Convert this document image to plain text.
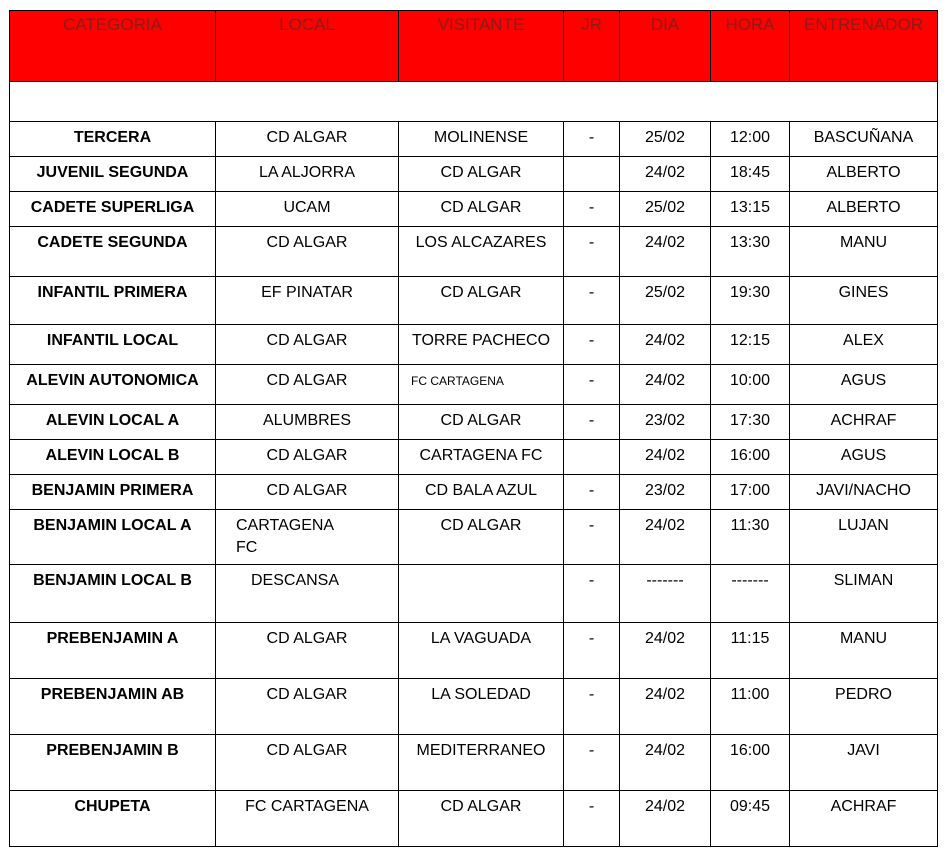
CATEGORIA	LOCAL	VISITANTE	JR	DIA	HORA	ENTRENADOR

TERCERA	CD ALGAR	MOLINENSE	-	25/02	12:00	BASCUÑANA
JUVENIL SEGUNDA	LA ALJORRA	CD ALGAR		24/02	18:45	ALBERTO
CADETE SUPERLIGA	UCAM	CD ALGAR	-	25/02	13:15	ALBERTO
CADETE SEGUNDA	CD ALGAR	LOS ALCAZARES	-	24/02	13:30	MANU
INFANTIL PRIMERA	EF PINATAR	CD ALGAR	-	25/02	19:30	GINES
INFANTIL LOCAL	CD ALGAR	TORRE PACHECO	-	24/02	12:15	ALEX
ALEVIN AUTONOMICA	CD ALGAR	FC CARTAGENA	-	24/02	10:00	AGUS
ALEVIN LOCAL A	ALUMBRES	CD ALGAR	-	23/02	17:30	ACHRAF
ALEVIN LOCAL B	CD ALGAR	CARTAGENA FC		24/02	16:00	AGUS
BENJAMIN PRIMERA	CD ALGAR	CD BALA AZUL	-	23/02	17:00	JAVI/NACHO
BENJAMIN LOCAL A	CARTAGENA FC	CD ALGAR	-	24/02	11:30	LUJAN
BENJAMIN LOCAL B	DESCANSA		-	-------	-------	SLIMAN
PREBENJAMIN A	CD ALGAR	LA VAGUADA	-	24/02	11:15	MANU
PREBENJAMIN AB	CD ALGAR	LA SOLEDAD	-	24/02	11:00	PEDRO
PREBENJAMIN B	CD ALGAR	MEDITERRANEO	-	24/02	16:00	JAVI
CHUPETA	FC CARTAGENA	CD ALGAR	-	24/02	09:45	ACHRAF
